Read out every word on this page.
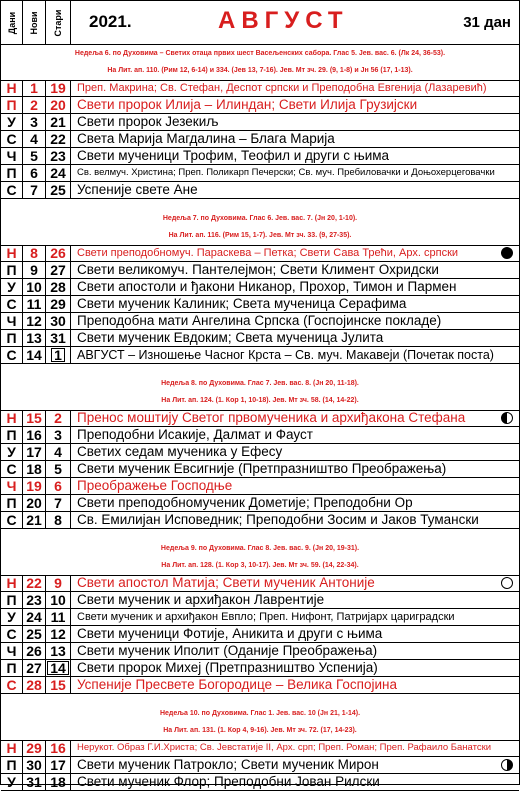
Дани Нови Стари 2021.	АВГУСТ	31 дан
Недеља 6. по Духовима – Светих отаца првих шест Васељенских сабора. Глас 5. Јев. вас. 6. (Лк 24, 36-53).
На Лит. ап. 110. (Рим 12, 6-14) и 334. (Јев 13, 7-16). Јев. Мт зч. 29. (9, 1-8) и Јн 56 (17, 1-13).
Недеља 7. по Духовима. Глас 6. Јев. вас. 7. (Јн 20, 1-10).
На Лит. ап. 116. (Рим 15, 1-7). Јев. Мт зч. 33. (9, 27-35).
Недеља 8. по Духовима. Глас 7. Јев. вас. 8. (Јн 20, 11-18).
На Лит. ап. 124. (1. Кор 1, 10-18). Јев. Мт зч. 58. (14, 14-22).
Недеља 9. по Духовима. Глас 8. Јев. вас. 9. (Јн 20, 19-31).
На Лит. ап. 128. (1. Кор 3, 10-17). Јев. Мт зч. 59. (14, 22-34).
Недеља 10. по Духовима. Глас 1. Јев. вас. 10 (Јн 21, 1-14).
На Лит. ап. 131. (1. Кор 4, 9-16). Јев. Мт зч. 72. (17, 14-23).
Н 1 19	Преп. Макрина; Св. Стефан, Деспот српски и Преподобна Евгенија (Лазаревић)
П 2 20 Свети пророк Илија – Илиндан; Свети Илија Грузијски
У	3 21 Свети пророк Језекиљ
С 4 22 Света Марија Магдалина – Блага Марија
Ч 5 23 Свети мученици Трофим, Теофил и други с њима
П 6 24	Св. велмуч. Христина; Преп. Поликарп Печерски; Св. муч. Пребиловачки и Доњохерцеговачки
С 7 25 Успеније свете Ане
Н 8 26	Свети преподобномуч. Параскева – Петка; Свети Сава Трећи, Арх. српски
П 9 27 Свети великомуч. Пантелејмон; Свети Климент Охридски
У 10 28 Свети апостоли и ђакони Никанор, Прохор, Тимон и Пармен
С 11 29 Свети мученик Калиник; Света мученица Серафима
Ч 12 30 Преподобна мати Ангелина Српска (Госпојинске покладе)
П 13 31 Свети мученик Евдоким; Света мученица Јулита
С 14 1	АВГУСТ – Изношење Часног Крста – Св. муч. Макавеји (Почетак поста)
Н 15 2	Пренос моштију Светог првомученика и архиђакона Стефана
П 16 3	Преподобни Исакије, Далмат и Фауст
У 17 4	Светих седам мученика у Ефесу
С 18 5	Свети мученик Евсигније (Претпразништво Преображења)
Ч 19 6	Преображење Господње
П 20 7	Свети преподобномученик Дометије; Преподобни Ор
С 21 8	Св. Емилијан Исповедник; Преподобни Зосим и Јаков Тумански
Н 22 9	Свети апостол Матија; Свети мученик Антоније
П 23 10 Свети мученик и архиђакон Лаврентије
У 24 11	Свети мученик и архиђакон Евпло; Преп. Нифонт, Патријарх цариградски
С 25 12 Свети мученици Фотије, Аникита и други с њима
Ч 26 13 Свети мученик Иполит (Оданије Преображења)
П 27 14 Свети пророк Михеј (Претпразништво Успенија)
С 28 15 Успеније Пресвете Богородице – Велика Госпојина
Н 29 16	Нерукот. Образ Г.И.Христа; Св. Јевстатије II, Арх. срп; Преп. Роман; Преп. Рафаило Банатски
П 30 17 Свети мученик Патрокло; Свети мученик Мирон
У 31 18 Свети мученик Флор; Преподобни Јован Рилски
